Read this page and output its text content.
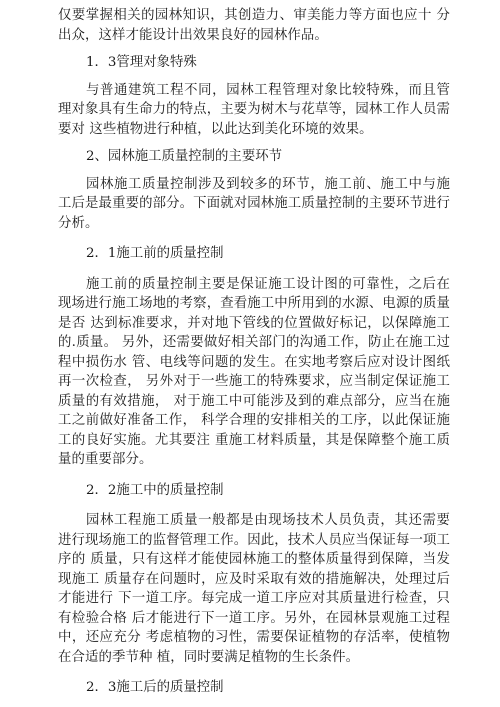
仅要掌握相关的园林知识，其创造力、审美能力等方面也应十 分出众，这样才能设计出效果良好的园林作品。

1．3管理对象特殊

与普通建筑工程不同，园林工程管理对象比较特殊，而且管理对象具有生命力的特点，主要为树木与花草等，园林工作人员需要对 这些植物进行种植，以此达到美化环境的效果。

2、园林施工质量控制的主要环节

园林施工质量控制涉及到较多的环节，施工前、施工中与施工后是最重要的部分。下面就对园林施工质量控制的主要环节进行分析。

2．1施工前的质量控制

施工前的质量控制主要是保证施工设计图的可靠性，之后在现场进行施工场地的考察，查看施工中所用到的水源、电源的质量是否 达到标准要求，并对地下管线的位置做好标记，以保障施工的.质量。 另外，还需要做好相关部门的沟通工作，防止在施工过程中损伤水 管、电线等问题的发生。在实地考察后应对设计图纸再一次检查， 另外对于一些施工的特殊要求，应当制定保证施工质量的有效措施， 对于施工中可能涉及到的难点部分，应当在施工之前做好准备工作， 科学合理的安排相关的工序，以此保证施工的良好实施。尤其要注 重施工材料质量，其是保障整个施工质量的重要部分。

2．2施工中的质量控制

园林工程施工质量一般都是由现场技术人员负责，其还需要进行现场施工的监督管理工作。因此，技术人员应当保证每一项工序的 质量，只有这样才能使园林施工的整体质量得到保障，当发现施工 质量存在问题时，应及时采取有效的措施解决，处理过后才能进行 下一道工序。每完成一道工序应对其质量进行检查，只有检验合格 后才能进行下一道工序。另外，在园林景观施工过程中，还应充分 考虑植物的习性，需要保证植物的存活率，使植物在合适的季节种 植，同时要满足植物的生长条件。

2．3施工后的质量控制
